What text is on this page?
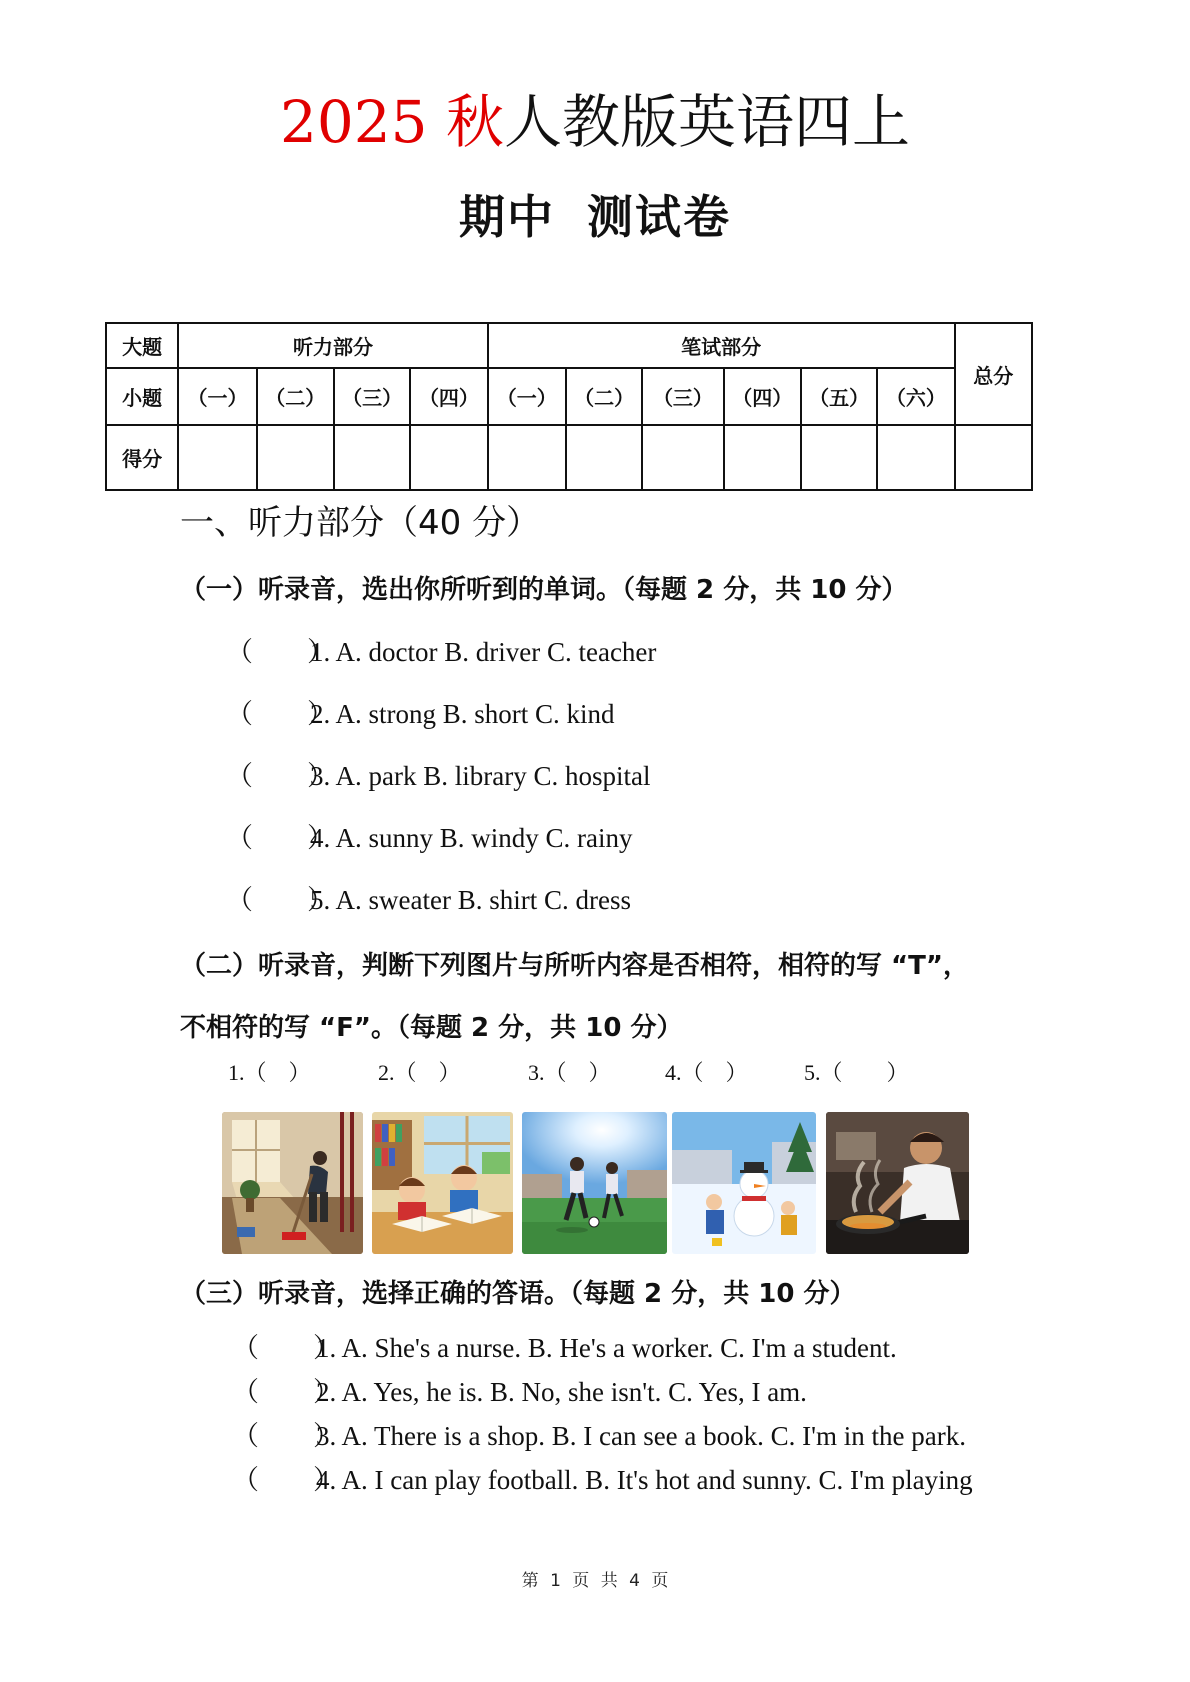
2025 秋人教版英语四上
期中 测试卷
大题	听力部分				笔试部分						总分
小题	（一）	（二）	（三）	（四）	（一）	（二）	（三）	（四）	（五）	（六）	
得分											
一、听力部分（40 分）
（一）听录音，选出你所听到的单词。（每题 2 分，共 10 分）
（　　）1. A. doctor B. driver C. teacher
（　　）2. A. strong B. short C. kind
（　　）3. A. park B. library C. hospital
（　　）4. A. sunny B. windy C. rainy
（　　）5. A. sweater B. shirt C. dress
（二）听录音，判断下列图片与所听内容是否相符，相符的写 “T”，
不相符的写 “F”。（每题 2 分，共 10 分）
1.（　）	2.（　）	3.（　） 4.（　）	5.（　　）
（三）听录音，选择正确的答语。（每题 2 分，共 10 分）
（　　）1. A. She's a nurse. B. He's a worker. C. I'm a student.
（　　）2. A. Yes, he is. B. No, she isn't. C. Yes, I am.
（　　）3. A. There is a shop. B. I can see a book. C. I'm in the park.
（　　）4. A. I can play football. B. It's hot and sunny. C. I'm playing
第 1 页 共 4 页
